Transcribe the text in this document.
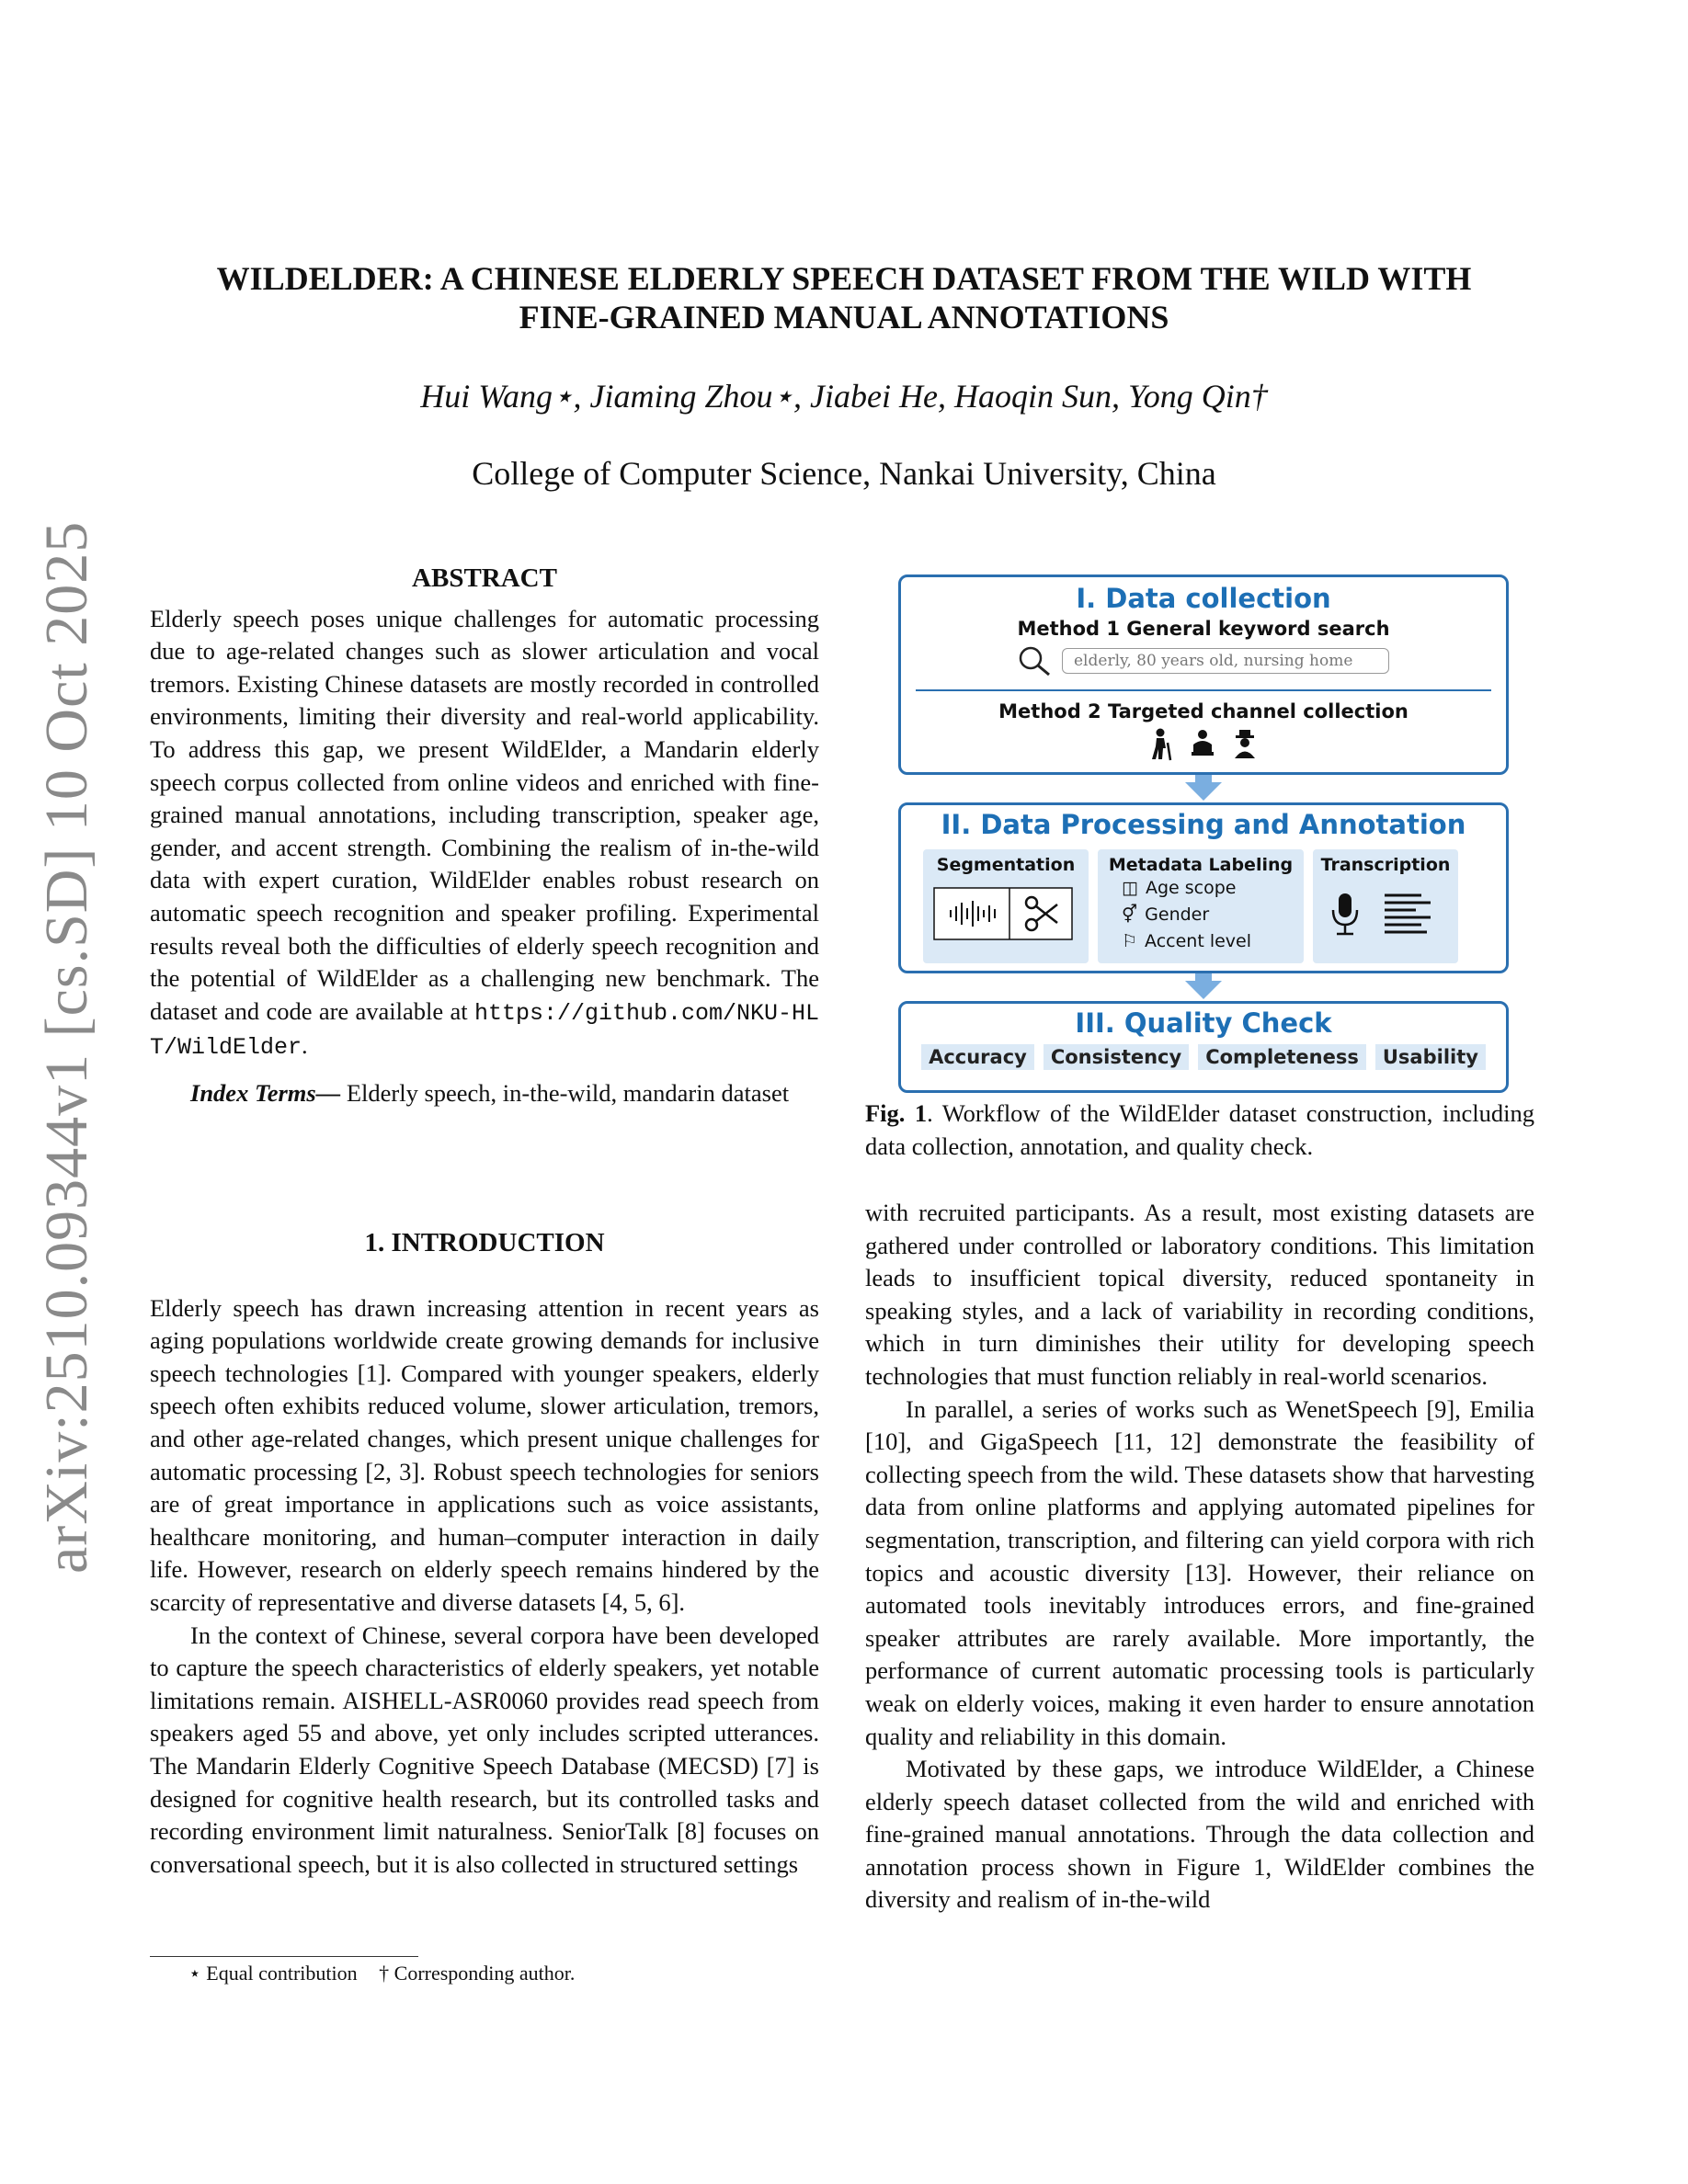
arXiv:2510.09344v1 [cs.SD] 10 Oct 2025
WILDELDER: A CHINESE ELDERLY SPEECH DATASET FROM THE WILD WITH
FINE-GRAINED MANUAL ANNOTATIONS
Hui Wang⋆, Jiaming Zhou⋆, Jiabei He, Haoqin Sun, Yong Qin†
College of Computer Science, Nankai University, China
ABSTRACT

Elderly speech poses unique challenges for automatic processing due to age-related changes such as slower articulation and vocal tremors. Existing Chinese datasets are mostly recorded in controlled environments, limiting their diversity and real-world applicability. To address this gap, we present WildElder, a Mandarin elderly speech corpus collected from online videos and enriched with fine-grained manual annotations, including transcription, speaker age, gender, and accent strength. Combining the realism of in-the-wild data with expert curation, WildElder enables robust research on automatic speech recognition and speaker profiling. Experimental results reveal both the difficulties of elderly speech recognition and the potential of WildElder as a challenging new benchmark. The dataset and code are available at https://github.com/NKU-HLT/WildElder.

Index Terms— Elderly speech, in-the-wild, mandarin dataset

1. INTRODUCTION

Elderly speech has drawn increasing attention in recent years as aging populations worldwide create growing demands for inclusive speech technologies [1]. Compared with younger speakers, elderly speech often exhibits reduced volume, slower articulation, tremors, and other age-related changes, which present unique challenges for automatic processing [2, 3]. Robust speech technologies for seniors are of great importance in applications such as voice assistants, healthcare monitoring, and human–computer interaction in daily life. However, research on elderly speech remains hindered by the scarcity of representative and diverse datasets [4, 5, 6].

In the context of Chinese, several corpora have been developed to capture the speech characteristics of elderly speakers, yet notable limitations remain. AISHELL-ASR0060 provides read speech from speakers aged 55 and above, yet only includes scripted utterances. The Mandarin Elderly Cognitive Speech Database (MECSD) [7] is designed for cognitive health research, but its controlled tasks and recording environment limit naturalness. SeniorTalk [8] focuses on conversational speech, but it is also collected in structured settings

⋆ Equal contribution † Corresponding author.
I. Data collection
Method 1 General keyword search
elderly, 80 years old, nursing home
Method 2 Targeted channel collection
II. Data Processing and Annotation
Segmentation	Metadata Labeling
◫ Age scope
⚥ Gender
⚐ Accent level
Transcription
III. Quality Check
Accuracy	Consistency	Completeness	Usability
Fig. 1. Workflow of the WildElder dataset construction, including data collection, annotation, and quality check.

with recruited participants. As a result, most existing datasets are gathered under controlled or laboratory conditions. This limitation leads to insufficient topical diversity, reduced spontaneity in speaking styles, and a lack of variability in recording conditions, which in turn diminishes their utility for developing speech technologies that must function reliably in real-world scenarios.

In parallel, a series of works such as WenetSpeech [9], Emilia [10], and GigaSpeech [11, 12] demonstrate the feasibility of collecting speech from the wild. These datasets show that harvesting data from online platforms and applying automated pipelines for segmentation, transcription, and filtering can yield corpora with rich topics and acoustic diversity [13]. However, their reliance on automated tools inevitably introduces errors, and fine-grained speaker attributes are rarely available. More importantly, the performance of current automatic processing tools is particularly weak on elderly voices, making it even harder to ensure annotation quality and reliability in this domain.

Motivated by these gaps, we introduce WildElder, a Chinese elderly speech dataset collected from the wild and enriched with fine-grained manual annotations. Through the data collection and annotation process shown in Figure 1, WildElder combines the diversity and realism of in-the-wild
